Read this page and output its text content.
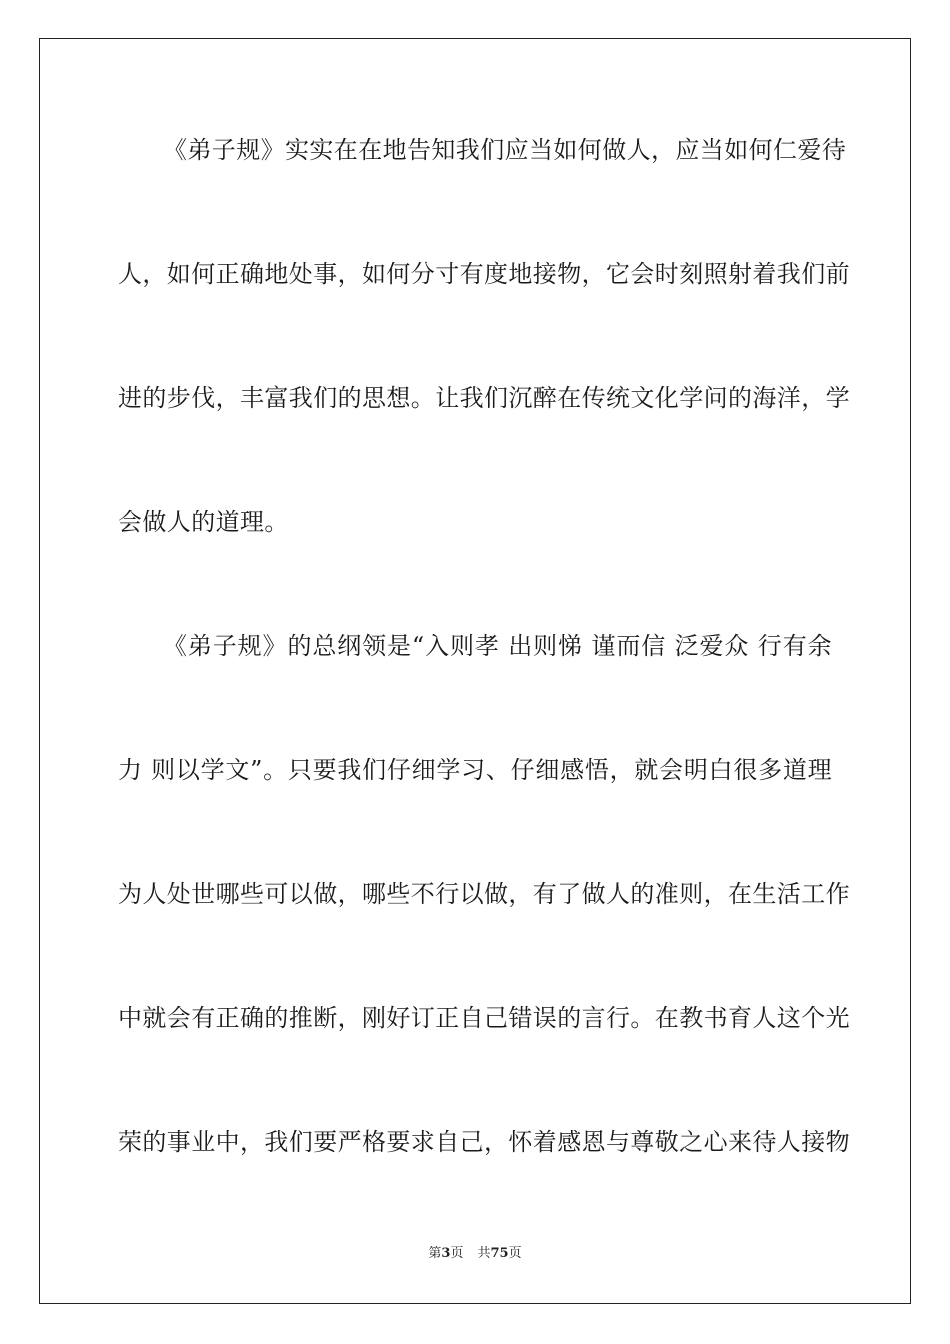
《弟子规》实实在在地告知我们应当如何做人，应当如何仁爱待
人，如何正确地处事，如何分寸有度地接物，它会时刻照射着我们前
进的步伐，丰富我们的思想。让我们沉醉在传统文化学问的海洋，学
会做人的道理。
《弟子规》的总纲领是“入则孝 出则悌 谨而信 泛爱众 行有余
力 则以学文”。只要我们仔细学习、仔细感悟，就会明白很多道理
为人处世哪些可以做，哪些不行以做，有了做人的准则，在生活工作
中就会有正确的推断，刚好订正自己错误的言行。在教书育人这个光
荣的事业中，我们要严格要求自己，怀着感恩与尊敬之心来待人接物
第3页 共75页
